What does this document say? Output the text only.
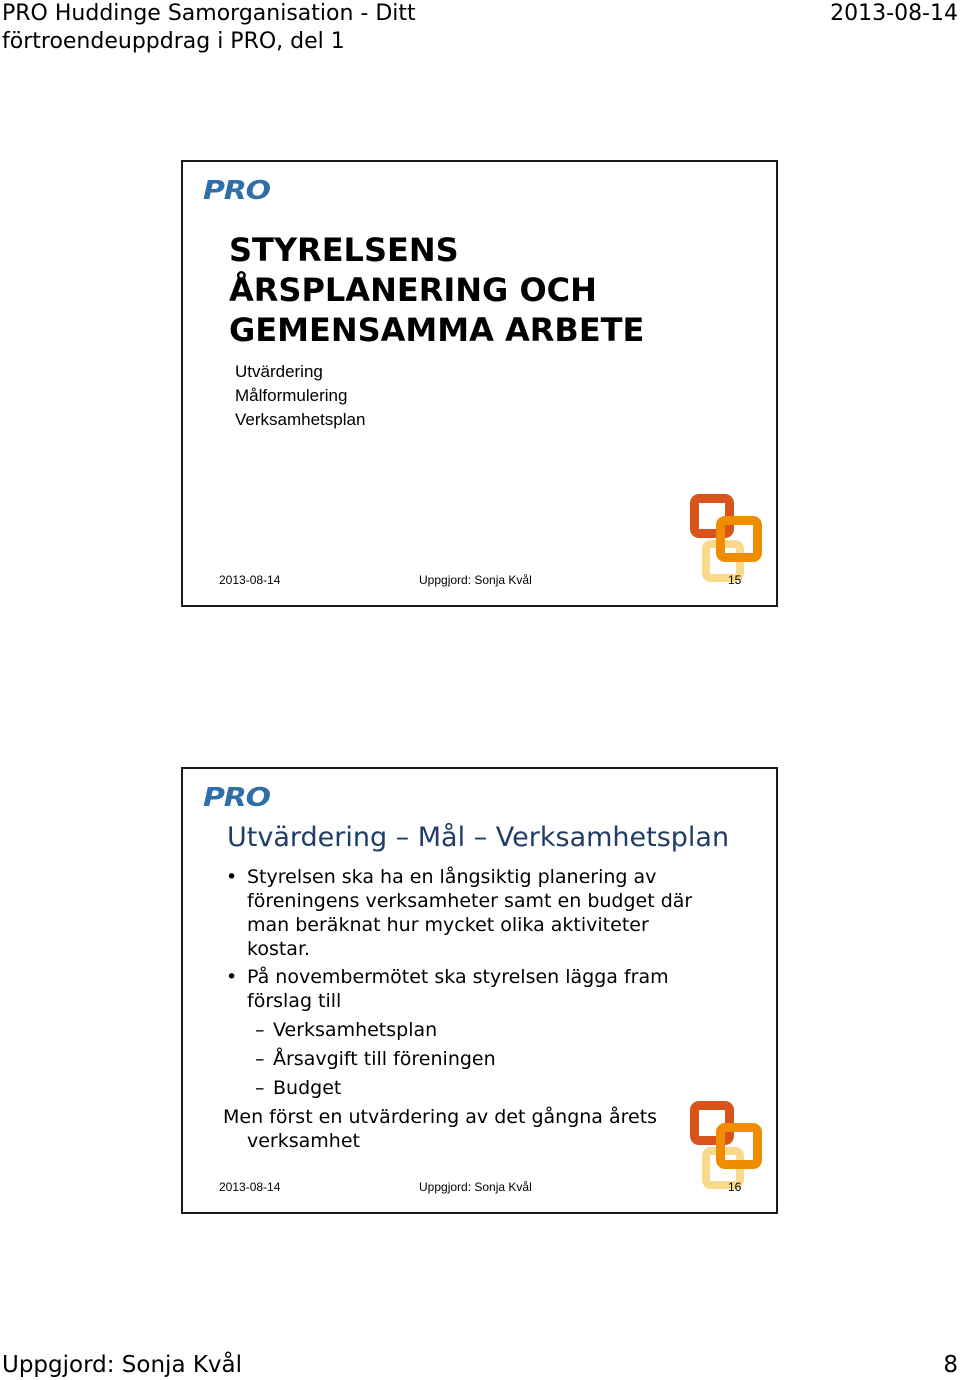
PRO Huddinge Samorganisation - Ditt förtroendeuppdrag i PRO, del 1
2013-08-14
PRO
STYRELSENS ÅRSPLANERING OCH GEMENSAMMA ARBETE
Utvärdering
Målformulering
Verksamhetsplan
2013-08-14	Uppgjord: Sonja Kvål	15
PRO
Utvärdering – Mål – Verksamhetsplan
• Styrelsen ska ha en långsiktig planering av föreningens verksamheter samt en budget där man beräknat hur mycket olika aktiviteter kostar.
• På novembermötet ska styrelsen lägga fram förslag till
– Verksamhetsplan
– Årsavgift till föreningen
– Budget
Men först en utvärdering av det gångna årets verksamhet
2013-08-14	Uppgjord: Sonja Kvål	16
Uppgjord: Sonja Kvål	8
